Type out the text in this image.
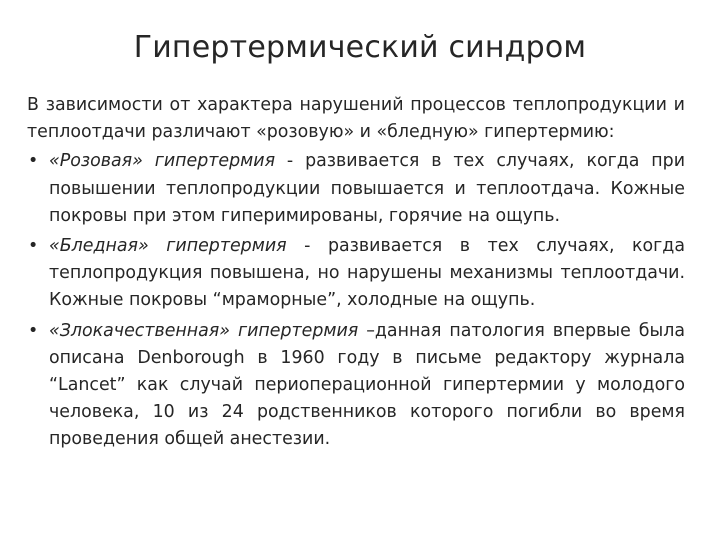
Гипертермический синдром

В зависимости от характера нарушений процессов теплопродукции и теплоотдачи различают «розовую» и «бледную» гипертермию:

• «Розовая» гипертермия - развивается в тех случаях, когда при повышении теплопродукции повышается и теплоотдача. Кожные покровы при этом гиперимированы, горячие на ощупь.
• «Бледная» гипертермия - развивается в тех случаях, когда теплопродукция повышена, но нарушены механизмы теплоотдачи. Кожные покровы “мраморные”, холодные на ощупь.
• «Злокачественная» гипертермия –данная патология впервые была описана Denborough в 1960 году в письме редактору журнала “Lancet” как случай периоперационной гипертермии у молодого человека, 10 из 24 родственников которого погибли во время проведения общей анестезии.
